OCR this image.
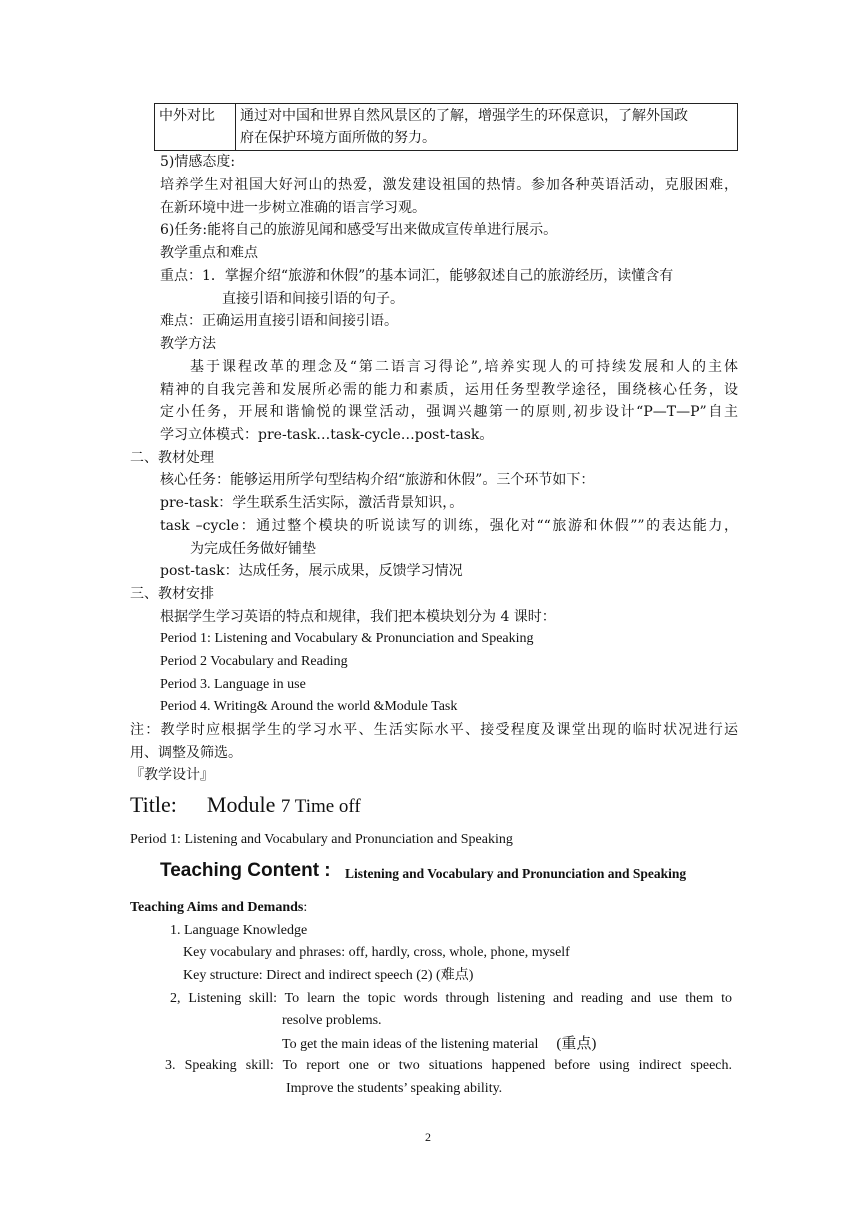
中外对比	通过对中国和世界自然风景区的了解，增强学生的环保意识，了解外国政
府在保护环境方面所做的努力。
5)情感态度:
培养学生对祖国大好河山的热爱，激发建设祖国的热情。参加各种英语活动，克服困难，
在新环境中进一步树立准确的语言学习观。
6)任务:能将自己的旅游见闻和感受写出来做成宣传单进行展示。
教学重点和难点
重点：1．掌握介绍“旅游和休假”的基本词汇，能够叙述自己的旅游经历，读懂含有
直接引语和间接引语的句子。
难点：正确运用直接引语和间接引语。
教学方法
基于课程改革的理念及“第二语言习得论”,培养实现人的可持续发展和人的主体
精神的自我完善和发展所必需的能力和素质，运用任务型教学途径，围绕核心任务，设
定小任务，开展和谐愉悦的课堂活动，强调兴趣第一的原则,初步设计“P—T—P”自主
学习立体模式：pre-task…task-cycle…post-task。
二、教材处理
核心任务：能够运用所学句型结构介绍“旅游和休假”。三个环节如下：
pre-task：学生联系生活实际，激活背景知识，。
task –cycle：通过整个模块的听说读写的训练，强化对““旅游和休假””的表达能力，
为完成任务做好铺垫
post-task：达成任务，展示成果，反馈学习情况
三、教材安排
根据学生学习英语的特点和规律，我们把本模块划分为 4 课时：
Period 1: Listening and Vocabulary & Pronunciation and Speaking
Period 2 Vocabulary and Reading
Period 3. Language in use
Period 4. Writing& Around the world &Module Task
注：教学时应根据学生的学习水平、生活实际水平、接受程度及课堂出现的临时状况进行运
用、调整及筛选。
『教学设计』
Title: Module 7 Time off
Period 1: Listening and Vocabulary and Pronunciation and Speaking
Teaching Content : Listening and Vocabulary and Pronunciation and Speaking
Teaching Aims and Demands:
1. Language Knowledge
Key vocabulary and phrases: off, hardly, cross, whole, phone, myself
Key structure: Direct and indirect speech (2) (难点)
2, Listening skill: To learn the topic words through listening and reading and use them to
resolve problems.
To get the main ideas of the listening material (重点)
3. Speaking skill: To report one or two situations happened before using indirect speech.
Improve the students’ speaking ability.
2
